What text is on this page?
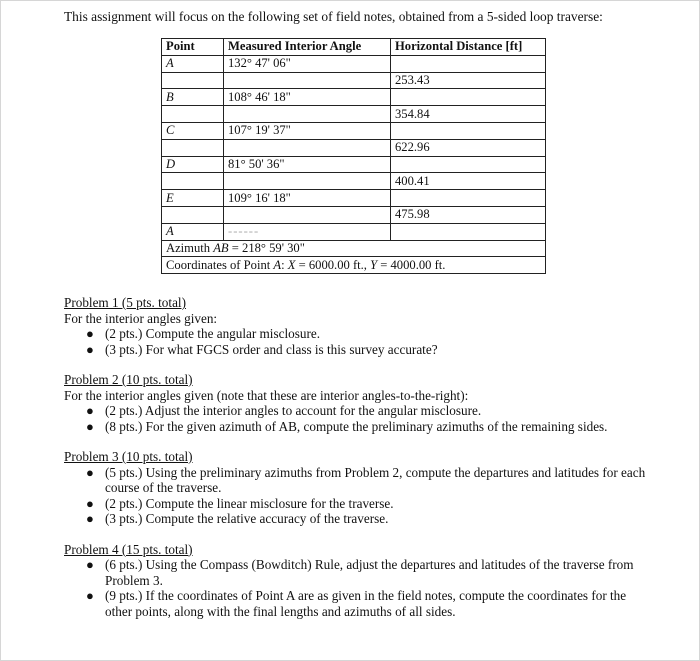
This assignment will focus on the following set of field notes, obtained from a 5-sided loop traverse:
Point	Measured Interior Angle	Horizontal Distance [ft]
A	132° 47' 06"	
		253.43
B	108° 46' 18"	
		354.84
C	107° 19' 37"	
		622.96
D	81° 50' 36"	
		400.41
E	109° 16' 18"	
		475.98
A	------	
Azimuth AB = 218° 59' 30"		
Coordinates of Point A: X = 6000.00 ft., Y = 4000.00 ft.		
Problem 1 (5 pts. total)
For the interior angles given:
● (2 pts.) Compute the angular misclosure.
● (3 pts.) For what FGCS order and class is this survey accurate?
Problem 2 (10 pts. total)
For the interior angles given (note that these are interior angles-to-the-right):
● (2 pts.) Adjust the interior angles to account for the angular misclosure.
● (8 pts.) For the given azimuth of AB, compute the preliminary azimuths of the remaining sides.
Problem 3 (10 pts. total)
● (5 pts.) Using the preliminary azimuths from Problem 2, compute the departures and latitudes for each course of the traverse.
● (2 pts.) Compute the linear misclosure for the traverse.
● (3 pts.) Compute the relative accuracy of the traverse.
Problem 4 (15 pts. total)
● (6 pts.) Using the Compass (Bowditch) Rule, adjust the departures and latitudes of the traverse from Problem 3.
● (9 pts.) If the coordinates of Point A are as given in the field notes, compute the coordinates for the other points, along with the final lengths and azimuths of all sides.
